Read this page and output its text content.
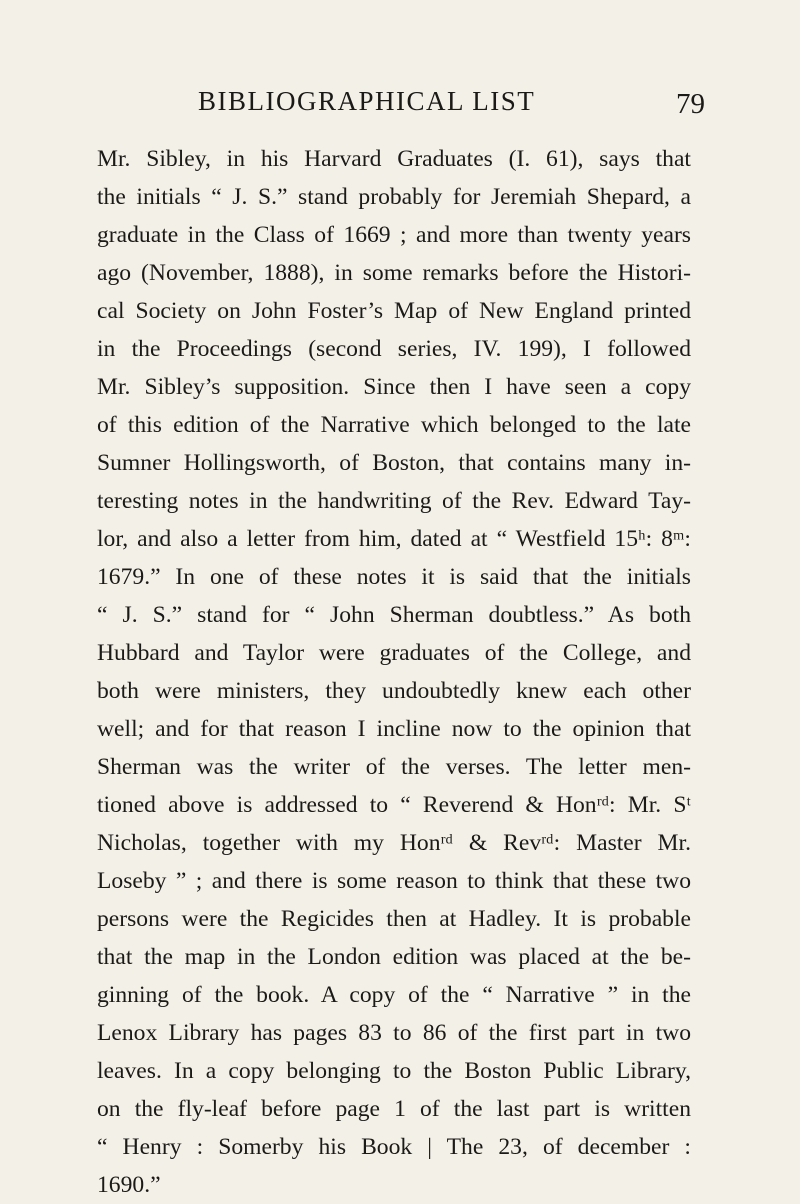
BIBLIOGRAPHICAL LIST	79
Mr. Sibley, in his Harvard Graduates (I. 61), says that
the initials “ J. S.” stand probably for Jeremiah Shepard, a
graduate in the Class of 1669 ; and more than twenty years
ago (November, 1888), in some remarks before the Histori-
cal Society on John Foster’s Map of New England printed
in the Proceedings (second series, IV. 199), I followed
Mr. Sibley’s supposition. Since then I have seen a copy
of this edition of the Narrative which belonged to the late
Sumner Hollingsworth, of Boston, that contains many in-
teresting notes in the handwriting of the Rev. Edward Tay-
lor, and also a letter from him, dated at “ Westfield 15ʰ: 8ᵐ:
1679.” In one of these notes it is said that the initials
“ J. S.” stand for “ John Sherman doubtless.” As both
Hubbard and Taylor were graduates of the College, and
both were ministers, they undoubtedly knew each other
well; and for that reason I incline now to the opinion that
Sherman was the writer of the verses. The letter men-
tioned above is addressed to “ Reverend & Honʳᵈ: Mr. Sᵗ
Nicholas, together with my Honʳᵈ & Revʳᵈ: Master Mr.
Loseby ” ; and there is some reason to think that these two
persons were the Regicides then at Hadley. It is probable
that the map in the London edition was placed at the be-
ginning of the book. A copy of the “ Narrative ” in the
Lenox Library has pages 83 to 86 of the first part in two
leaves. In a copy belonging to the Boston Public Library,
on the fly-leaf before page 1 of the last part is written
“ Henry : Somerby his Book | The 23, of december :
1690.”
